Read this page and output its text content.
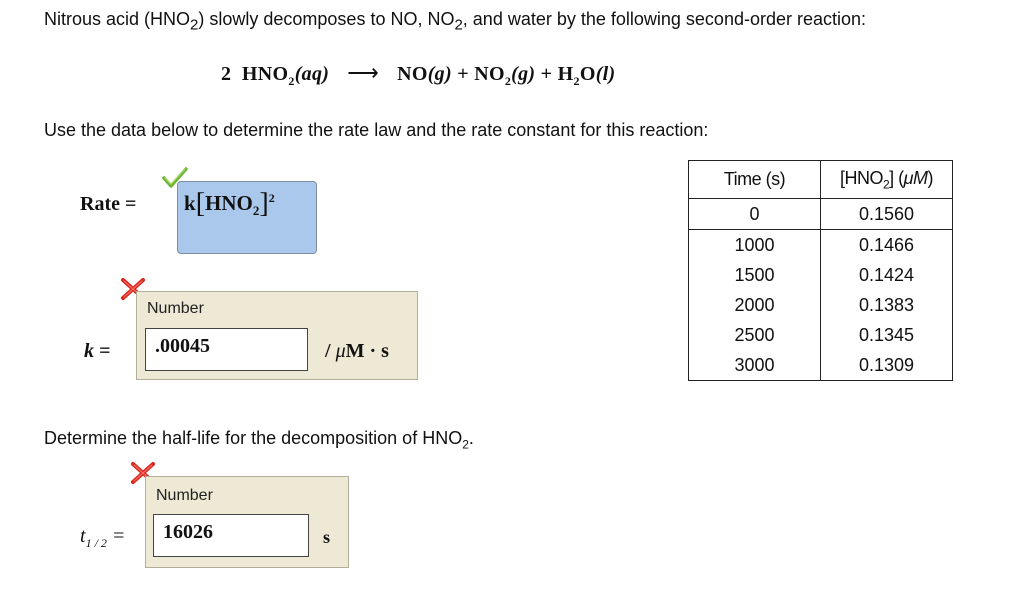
Nitrous acid $(HNO_2)$ slowly decomposes to NO, $NO_2$, and water by the following second-order reaction:
2 $HNO_2(aq)$ ⟶ $NO(g) + NO_2(g) + H_2O(l)$
Use the data below to determine the rate law and the rate constant for this reaction:
Rate = $k[HNO_2]^2$
Number
k =	.00045	/ μM · s
Determine the half-life for the decomposition of $HNO_2$.
Number
$t_{1 / 2}$ =	16026	s
Time (s)	$[HNO_2]$ (μM)
0	0.1560
1000	0.1466
1500	0.1424
2000	0.1383
2500	0.1345
3000	0.1309
